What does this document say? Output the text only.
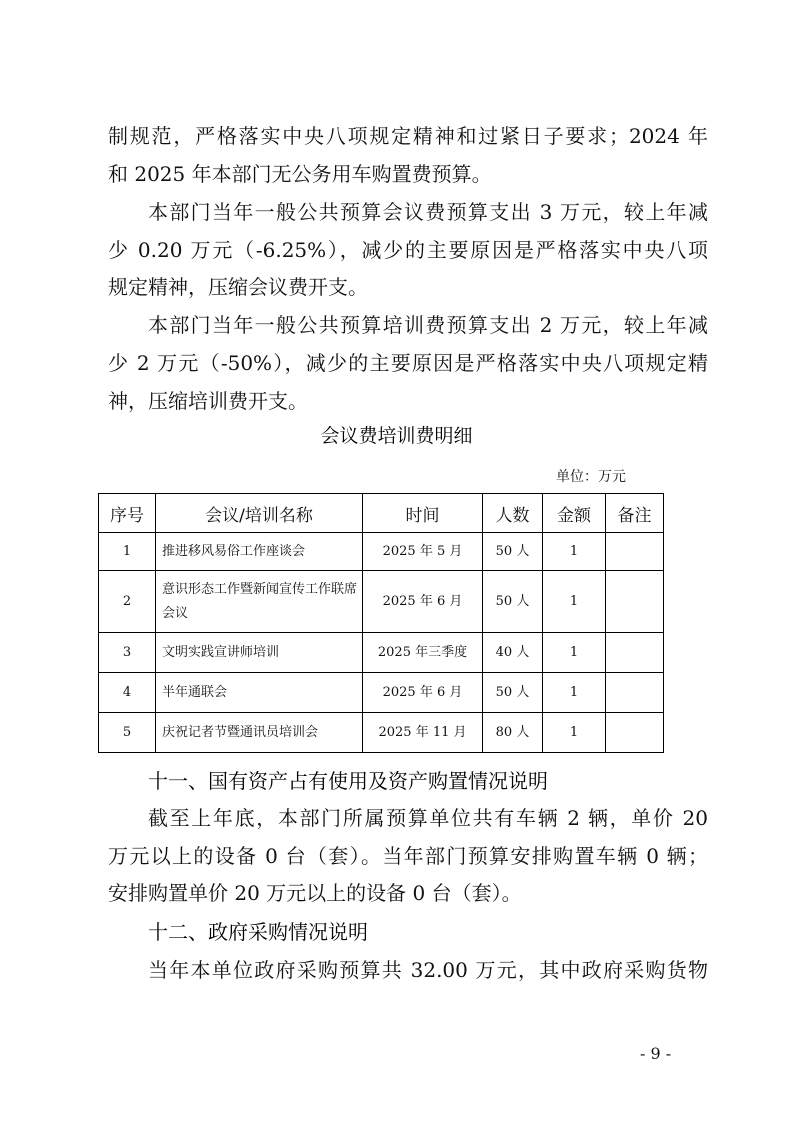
制规范，严格落实中央八项规定精神和过紧日子要求；2024 年
和 2025 年本部门无公务用车购置费预算。
本部门当年一般公共预算会议费预算支出 3 万元，较上年减
少 0.20 万元（-6.25%），减少的主要原因是严格落实中央八项
规定精神，压缩会议费开支。
本部门当年一般公共预算培训费预算支出 2 万元，较上年减
少 2 万元（-50%），减少的主要原因是严格落实中央八项规定精
神，压缩培训费开支。
会议费培训费明细
单位：万元
序号	会议/培训名称	时间	人数	金额	备注
1	推进移风易俗工作座谈会	2025 年 5 月	50 人	1	
2	意识形态工作暨新闻宣传工作联席会议	2025 年 6 月	50 人	1	
3	文明实践宣讲师培训	2025 年三季度	40 人	1	
4	半年通联会	2025 年 6 月	50 人	1	
5	庆祝记者节暨通讯员培训会	2025 年 11 月	80 人	1	
十一、国有资产占有使用及资产购置情况说明
截至上年底，本部门所属预算单位共有车辆 2 辆，单价 20
万元以上的设备 0 台（套）。当年部门预算安排购置车辆 0 辆；
安排购置单价 20 万元以上的设备 0 台（套）。
十二、政府采购情况说明
当年本单位政府采购预算共 32.00 万元，其中政府采购货物
- 9 -
